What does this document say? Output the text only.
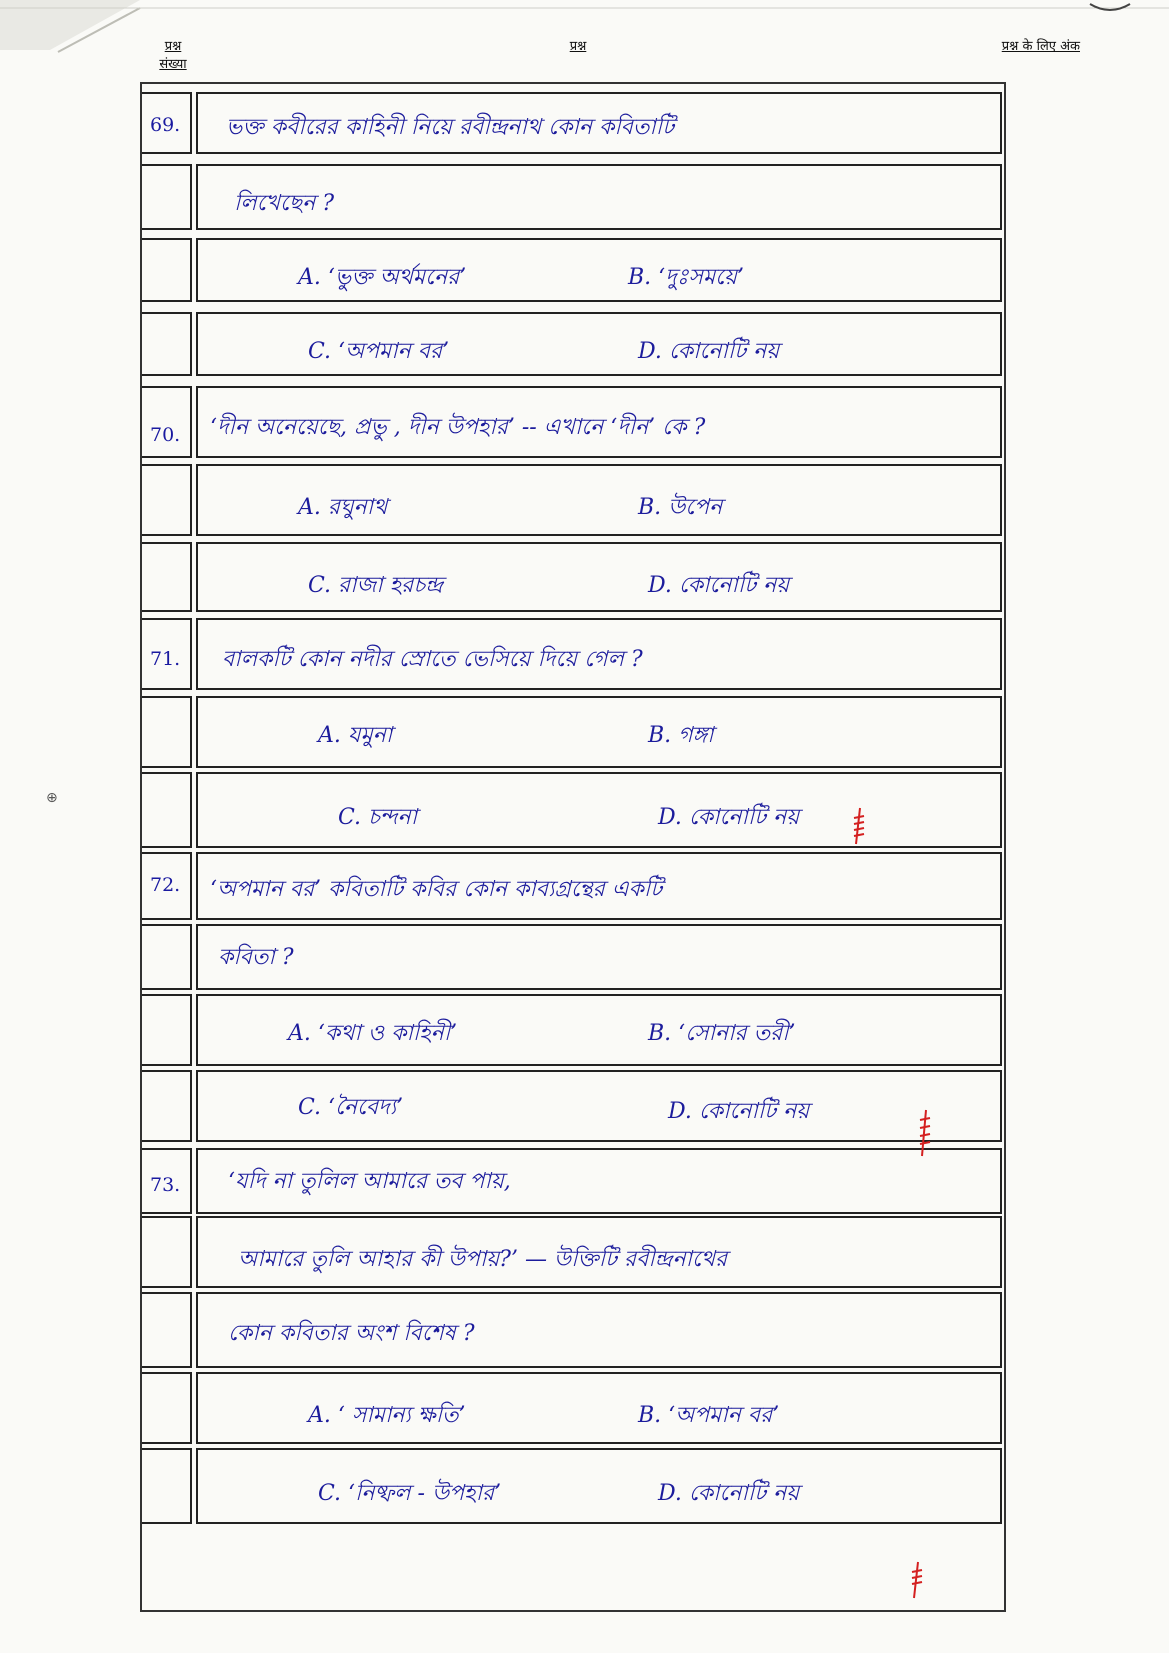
प्रश्न संख्या
प्रश्न	प्रश्न के लिए अंक
⊕
69. ভক্ত কবীরের কাহিনী নিয়ে রবীন্দ্রনাথ কোন কবিতাটি
লিখেছেন ?
A. ‘ভুক্ত অর্থমনের’	B. ‘দুঃসময়ে’
C. ‘অপমান বর’	D. কোনোটি নয়
70. ‘দীন অনেয়েছে, প্রভু , দীন উপহার’ -- এখানে ‘দীন’ কে ?
A. রঘুনাথ	B. উপেন
C. রাজা হরচন্দ্র	D. কোনোটি নয়
71. বালকটি কোন নদীর স্রোতে ভেসিয়ে দিয়ে গেল ?
A. যমুনা	B. গঙ্গা
C. চন্দনা	D. কোনোটি নয়
72. ‘অপমান বর’ কবিতাটি কবির কোন কাব্যগ্রন্থের একটি
কবিতা ?
A. ‘কথা ও কাহিনী’	B. ‘সোনার তরী’
C. ‘নৈবেদ্য’	D. কোনোটি নয়
73. ‘যদি না তুলিল আমারে তব পায়,
আমারে তুলি আহার কী উপায়?’ — উক্তিটি রবীন্দ্রনাথের
কোন কবিতার অংশ বিশেষ ?
A. ‘ সামান্য ক্ষতি’	B. ‘অপমান বর’
C. ‘নিষ্ফল - উপহার’	D. কোনোটি নয়
